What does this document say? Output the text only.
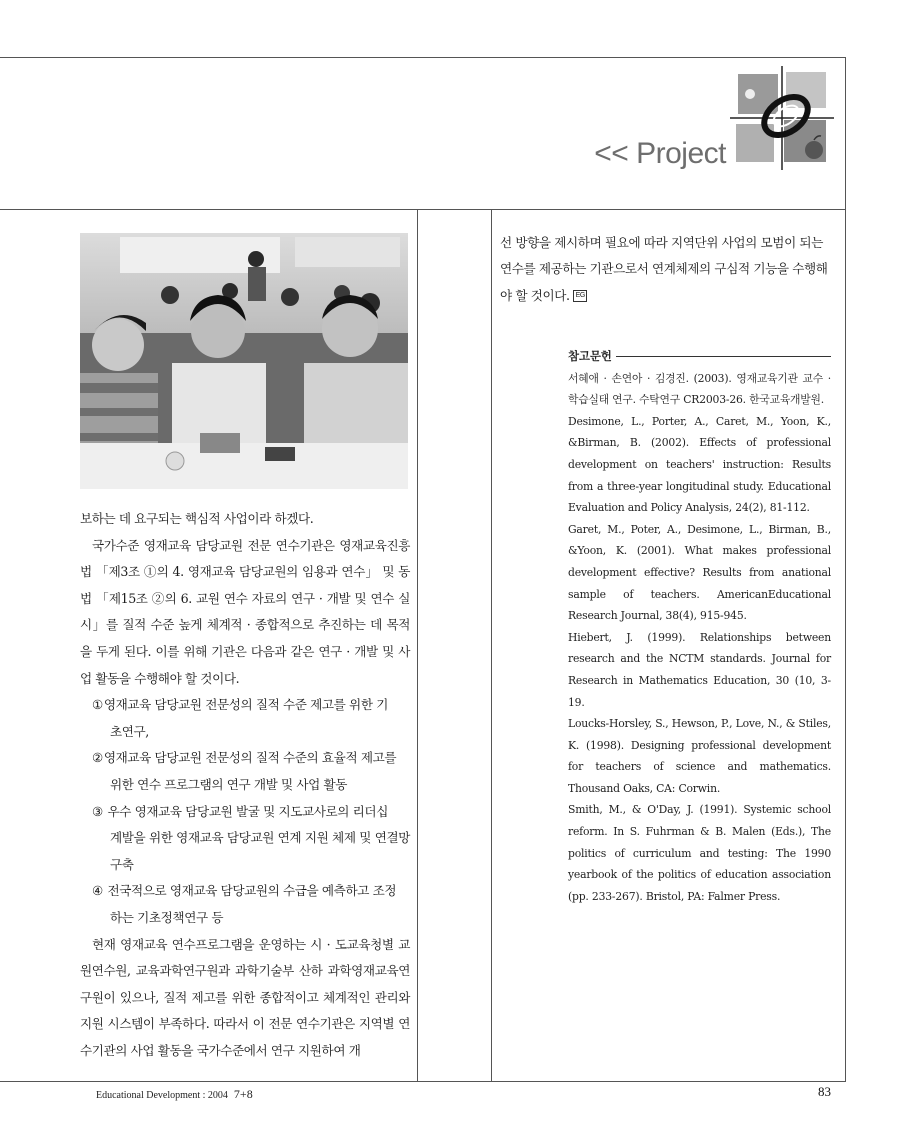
<< Project

보하는 데 요구되는 핵심적 사업이라 하겠다.

국가수준 영재교육 담당교원 전문 연수기관은 영재교육진흥법 「제3조 ①의 4. 영재교육 담당교원의 임용과 연수」 및 동법 「제15조 ②의 6. 교원 연수 자료의 연구 · 개발 및 연수 실시」를 질적 수준 높게 체계적 · 종합적으로 추진하는 데 목적을 두게 된다. 이를 위해 기관은 다음과 같은 연구 · 개발 및 사업 활동을 수행해야 할 것이다.

①영재교육 담당교원 전문성의 질적 수준 제고를 위한 기
초연구,

②영재교육 담당교원 전문성의 질적 수준의 효율적 제고를
위한 연수 프로그램의 연구 개발 및 사업 활동

③ 우수 영재교육 담당교원 발굴 및 지도교사로의 리더십
계발을 위한 영재교육 담당교원 연계 지원 체제 및 연결망 구축

④ 전국적으로 영재교육 담당교원의 수급을 예측하고 조정
하는 기초정책연구 등

현재 영재교육 연수프로그램을 운영하는 시 · 도교육청별 교원연수원, 교육과학연구원과 과학기술부 산하 과학영재교육연구원이 있으나, 질적 제고를 위한 종합적이고 체계적인 관리와 지원 시스템이 부족하다. 따라서 이 전문 연수기관은 지역별 연수기관의 사업 활동을 국가수준에서 연구 지원하여 개

선 방향을 제시하며 필요에 따라 지역단위 사업의 모범이 되는 연수를 제공하는 기관으로서 연계체제의 구심적 기능을 수행해야 할 것이다. EG

참고문헌
서혜애 · 손연아 · 김경진. (2003). 영재교육기관 교수 · 학습실태 연구. 수탁연구 CR2003-26. 한국교육개발원.
Desimone, L., Porter, A., Caret, M., Yoon, K., &Birman, B. (2002). Effects of professional development on teachers' instruction: Results from a three-year longitudinal study. Educational Evaluation and Policy Analysis, 24(2), 81-112.
Garet, M., Poter, A., Desimone, L., Birman, B., &Yoon, K. (2001). What makes professional development effective? Results from anational sample of teachers. AmericanEducational Research Journal, 38(4), 915-945.
Hiebert, J. (1999). Relationships between research and the NCTM standards. Journal for Research in Mathematics Education, 30 (10, 3-19.
Loucks-Horsley, S., Hewson, P., Love, N., & Stiles, K. (1998). Designing professional development for teachers of science and mathematics. Thousand Oaks, CA: Corwin.
Smith, M., & O'Day, J. (1991). Systemic school reform. In S. Fuhrman & B. Malen (Eds.), The politics of curriculum and testing: The 1990 yearbook of the politics of education association (pp. 233-267). Bristol, PA: Falmer Press.
Educational Development : 2004 7+8	83
